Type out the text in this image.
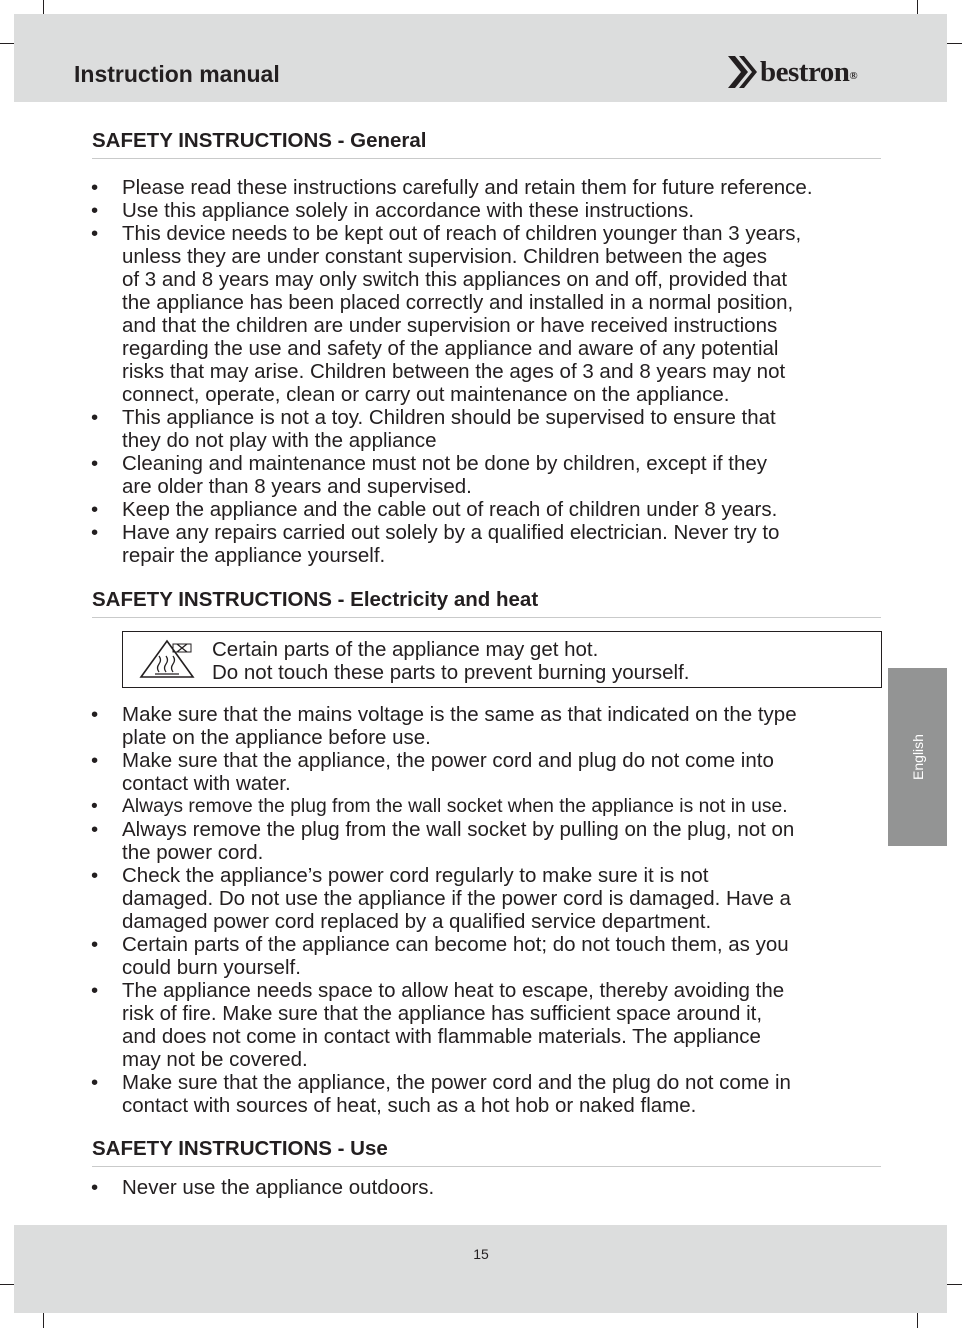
Instruction manual	bestron®
SAFETY INSTRUCTIONS - General
• Please read these instructions carefully and retain them for future reference.
• Use this appliance solely in accordance with these instructions.
• This device needs to be kept out of reach of children younger than 3 years,
unless they are under constant supervision. Children between the ages
of 3 and 8 years may only switch this appliances on and off, provided that
the appliance has been placed correctly and installed in a normal position,
and that the children are under supervision or have received instructions
regarding the use and safety of the appliance and aware of any potential
risks that may arise. Children between the ages of 3 and 8 years may not
connect, operate, clean or carry out maintenance on the appliance.
• This appliance is not a toy. Children should be supervised to ensure that
they do not play with the appliance
• Cleaning and maintenance must not be done by children, except if they
are older than 8 years and supervised.
• Keep the appliance and the cable out of reach of children under 8 years.
• Have any repairs carried out solely by a qualified electrician. Never try to
repair the appliance yourself.
SAFETY INSTRUCTIONS - Electricity and heat
Certain parts of the appliance may get hot.
Do not touch these parts to prevent burning yourself.
• Make sure that the mains voltage is the same as that indicated on the type
plate on the appliance before use.
• Make sure that the appliance, the power cord and plug do not come into
contact with water.
• Always remove the plug from the wall socket when the appliance is not in use.
• Always remove the plug from the wall socket by pulling on the plug, not on
the power cord.
• Check the appliance’s power cord regularly to make sure it is not
damaged. Do not use the appliance if the power cord is damaged. Have a
damaged power cord replaced by a qualified service department.
• Certain parts of the appliance can become hot; do not touch them, as you
could burn yourself.
• The appliance needs space to allow heat to escape, thereby avoiding the
risk of fire. Make sure that the appliance has sufficient space around it,
and does not come in contact with flammable materials. The appliance
may not be covered.
• Make sure that the appliance, the power cord and the plug do not come in
contact with sources of heat, such as a hot hob or naked flame.
SAFETY INSTRUCTIONS - Use
• Never use the appliance outdoors.
English
15
